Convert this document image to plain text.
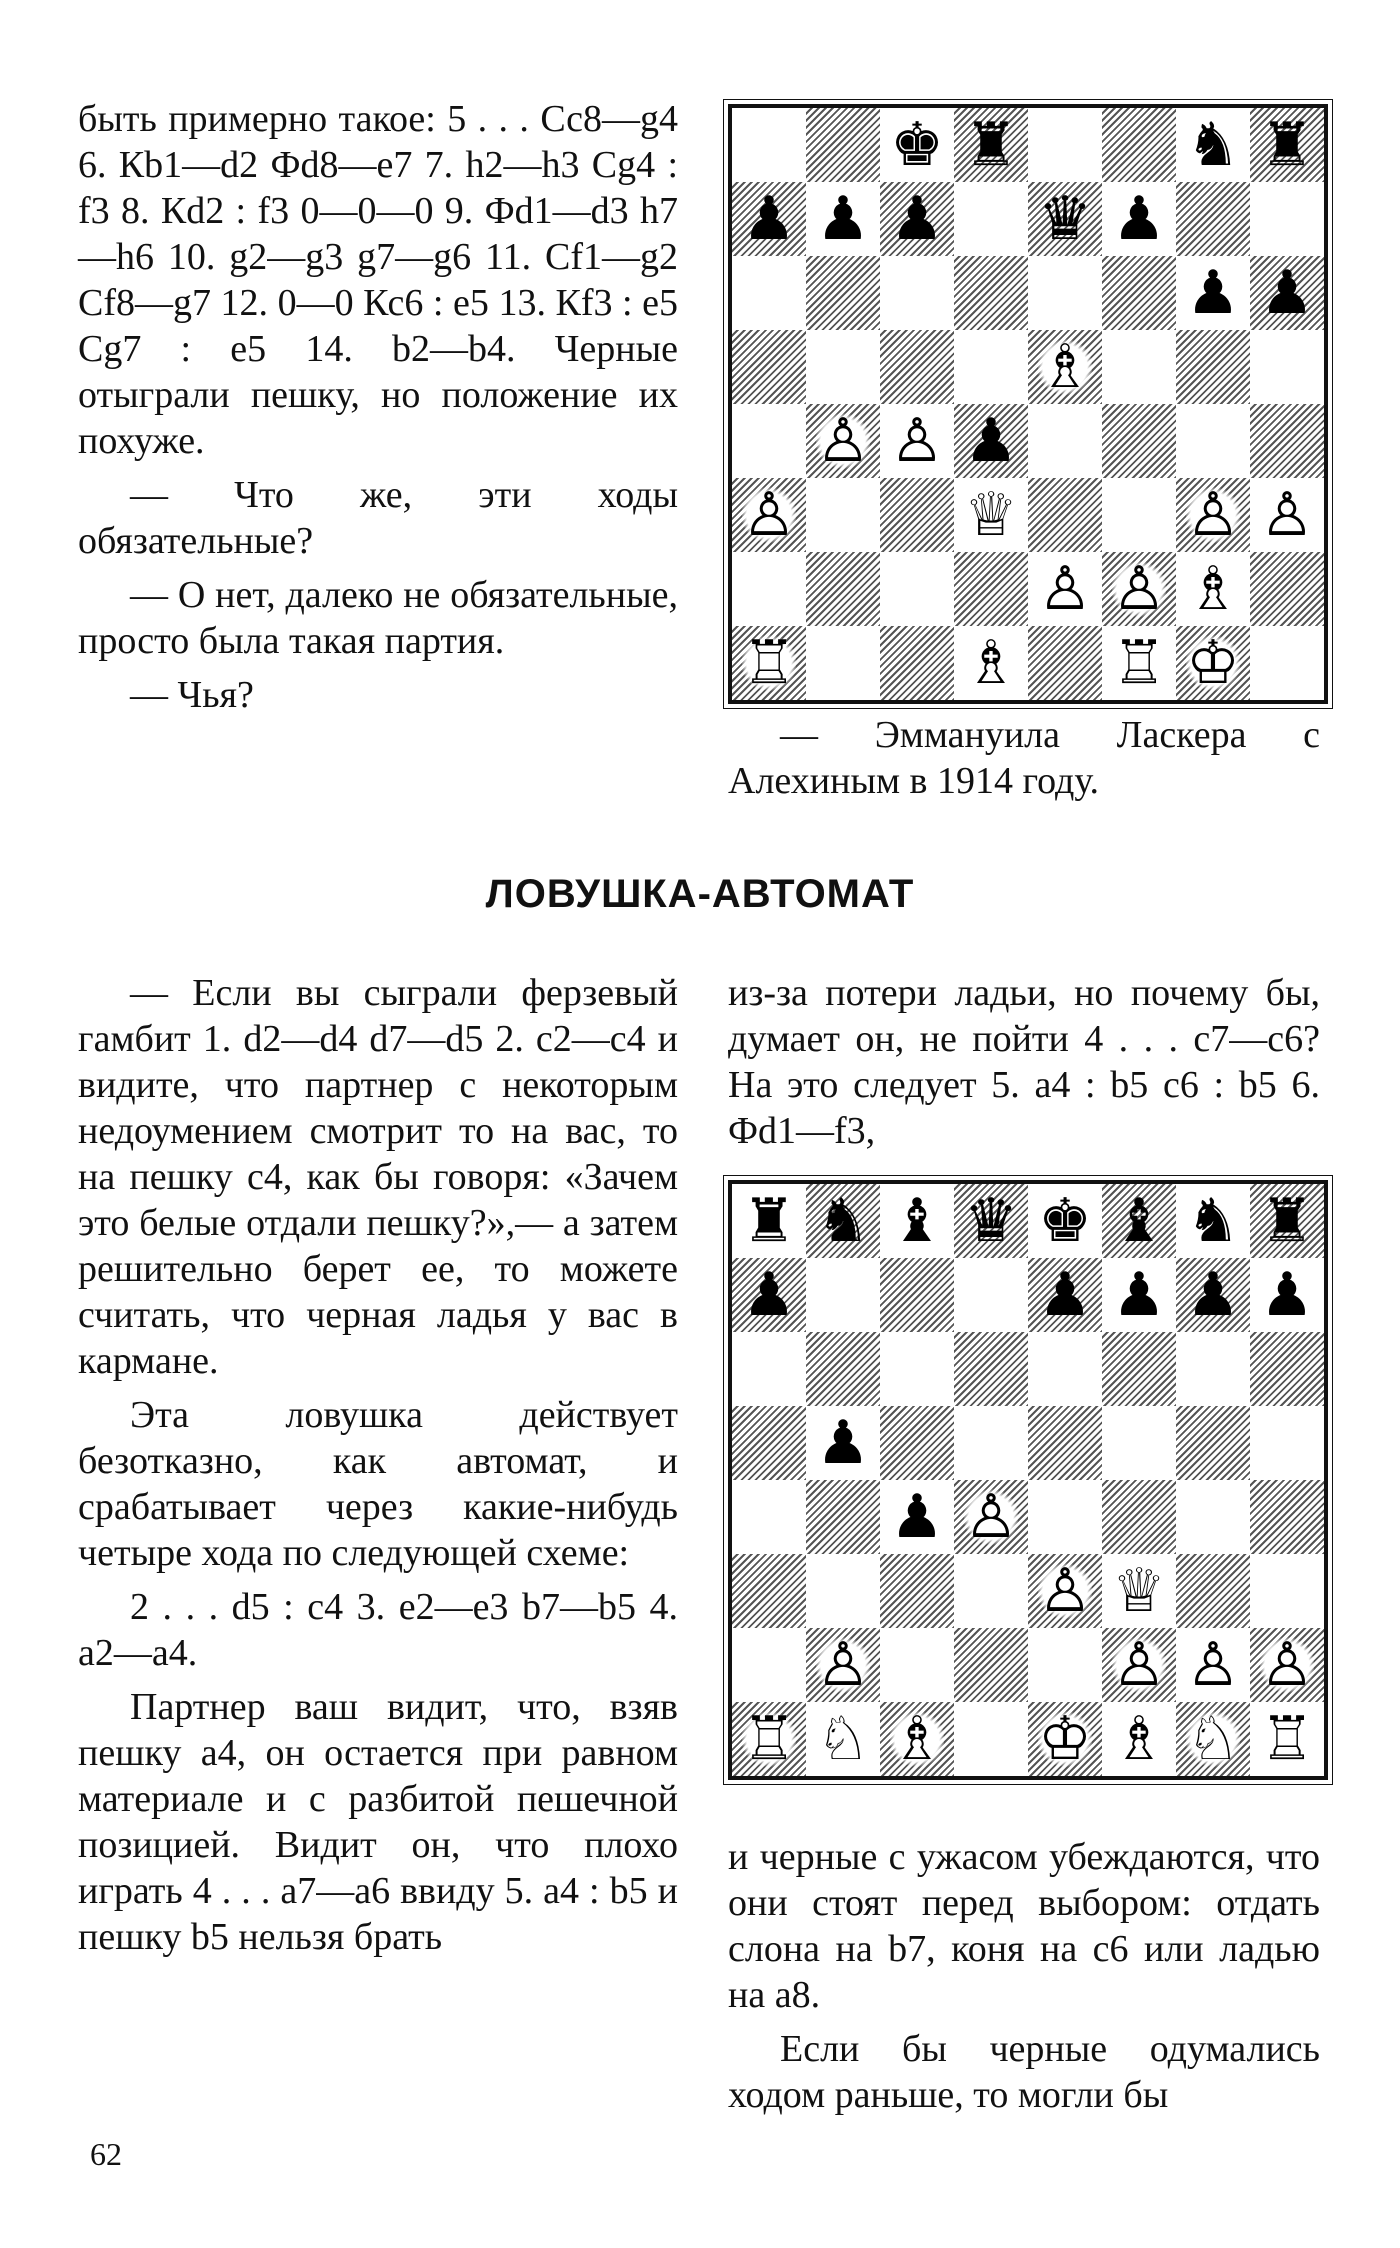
быть примерно такое: 5 . . . Сс8—g4 6. Кb1—d2 Фd8—e7 7. h2—h3 Сg4 : f3 8. Кd2 : f3 0—0—0 9. Фd1—d3 h7—h6 10. g2—g3 g7—g6 11. Сf1—g2 Сf8—g7 12. 0—0 Кс6 : e5 13. Кf3 : e5 Сg7 : e5 14. b2—b4. Черные отыграли пешку, но положение их похуже.

— Что же, эти ходы обязательные?

— О нет, далеко не обязательные, просто была такая партия.

— Чья?

♚ ♜	♞ ♜
♟ ♟ ♟ ♛ ♟
♟ ♟
♗
♙ ♙ ♟
♙	♕	♙ ♙
♙ ♙ ♗
♖	♗ ♖ ♔

— Эммануила Ласкера с Алехиным в 1914 году.

ЛОВУШКА-АВТОМАТ

— Если вы сыграли ферзевый гамбит 1. d2—d4 d7—d5 2. с2—с4 и видите, что партнер с некоторым недоумением смотрит то на вас, то на пешку с4, как бы говоря: «Зачем это белые отдали пешку?»,— а затем решительно берет ее, то можете считать, что черная ладья у вас в кармане.

Эта ловушка действует безотказно, как автомат, и срабатывает через какие-нибудь четыре хода по следующей схеме:

2 . . . d5 : с4 3. e2—e3 b7—b5 4. а2—а4.

Партнер ваш видит, что, взяв пешку а4, он остается при равном материале и с разбитой пешечной позицией. Видит он, что плохо играть 4 . . . а7—а6 ввиду 5. а4 : b5 и пешку b5 нельзя брать

из-за потери ладьи, но почему бы, думает он, не пойти 4 . . . с7—с6? На это следует 5. а4 : b5 с6 : b5 6. Фd1—f3,

♜ ♞ ♝ ♛ ♚ ♝ ♞ ♜
♟	♟ ♟ ♟ ♟
♟
♟ ♙
♙ ♕
♙	♙ ♙ ♙
♖ ♘ ♗ ♔ ♗ ♘ ♖

и черные с ужасом убеждаются, что они стоят перед выбором: отдать слона на b7, коня на с6 или ладью на а8.

Если бы черные одумались ходом раньше, то могли бы

62
